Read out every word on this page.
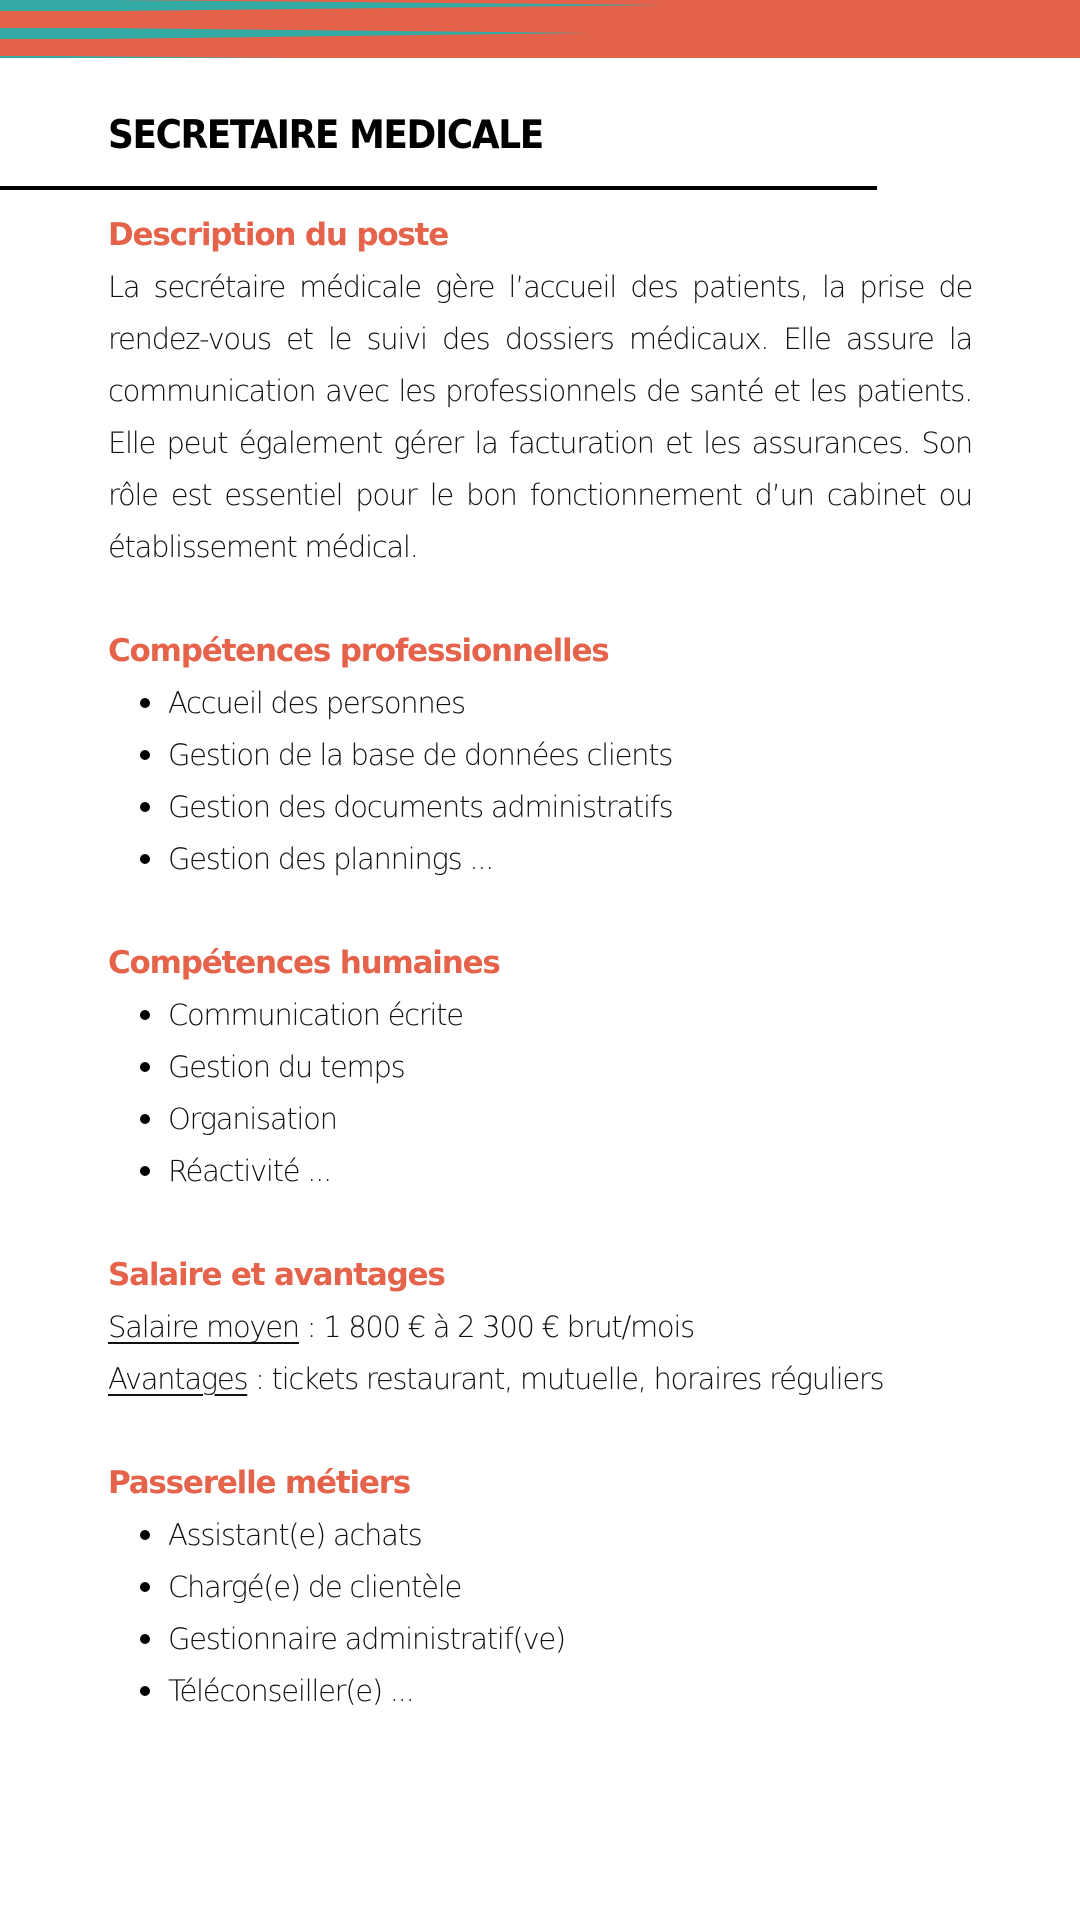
SECRETAIRE MEDICALE
Description du poste

La secrétaire médicale gère l’accueil des patients, la prise de rendez-vous et le suivi des dossiers médicaux. Elle assure la communication avec les professionnels de santé et les patients. Elle peut également gérer la facturation et les assurances. Son rôle est essentiel pour le bon fonctionnement d’un cabinet ou établissement médical.

Compétences professionnelles
Accueil des personnes
Gestion de la base de données clients
Gestion des documents administratifs
Gestion des plannings ...
Compétences humaines
Communication écrite
Gestion du temps
Organisation
Réactivité ...
Salaire et avantages
Salaire moyen : 1 800 € à 2 300 € brut/mois
Avantages : tickets restaurant, mutuelle, horaires réguliers
Passerelle métiers
Assistant(e) achats
Chargé(e) de clientèle
Gestionnaire administratif(ve)
Téléconseiller(e) ...
